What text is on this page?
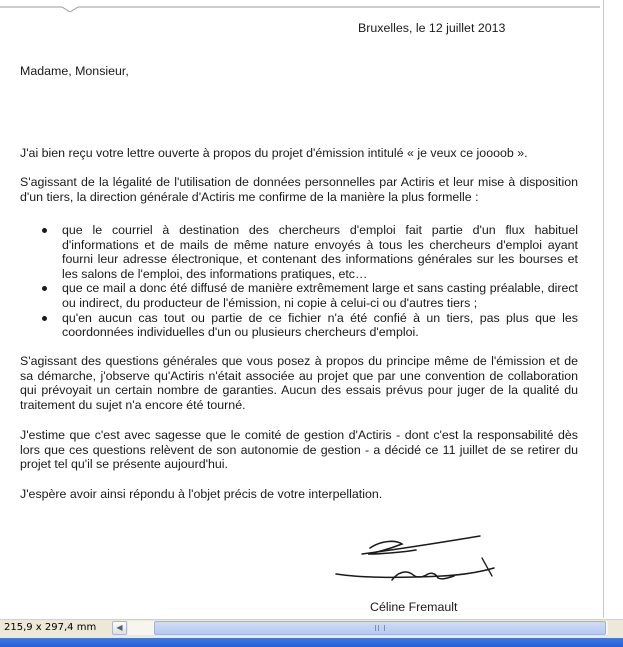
Bruxelles, le 12 juillet 2013

Madame, Monsieur,

J'ai bien reçu votre lettre ouverte à propos du projet d'émission intitulé « je veux ce joooob ».

S'agissant de la légalité de l'utilisation de données personnelles par Actiris et leur mise à disposition d'un tiers, la direction générale d'Actiris me confirme de la manière la plus formelle :

que le courriel à destination des chercheurs d'emploi fait partie d'un flux habituel d'informations et de mails de même nature envoyés à tous les chercheurs d'emploi ayant fourni leur adresse électronique, et contenant des informations générales sur les bourses et les salons de l'emploi, des informations pratiques, etc…
que ce mail a donc été diffusé de manière extrêmement large et sans casting préalable, direct ou indirect, du producteur de l'émission, ni copie à celui-ci ou d'autres tiers ;
qu'en aucun cas tout ou partie de ce fichier n'a été confié à un tiers, pas plus que les coordonnées individuelles d'un ou plusieurs chercheurs d'emploi.

S'agissant des questions générales que vous posez à propos du principe même de l'émission et de sa démarche, j'observe qu'Actiris n'était associée au projet que par une convention de collaboration qui prévoyait un certain nombre de garanties. Aucun des essais prévus pour juger de la qualité du traitement du sujet n'a encore été tourné.

J'estime que c'est avec sagesse que le comité de gestion d'Actiris - dont c'est la responsabilité dès lors que ces questions relèvent de son autonomie de gestion - a décidé ce 11 juillet de se retirer du projet tel qu'il se présente aujourd'hui.

J'espère avoir ainsi répondu à l'objet précis de votre interpellation.

Céline Fremault

215,9 x 297,4 mm	◀
